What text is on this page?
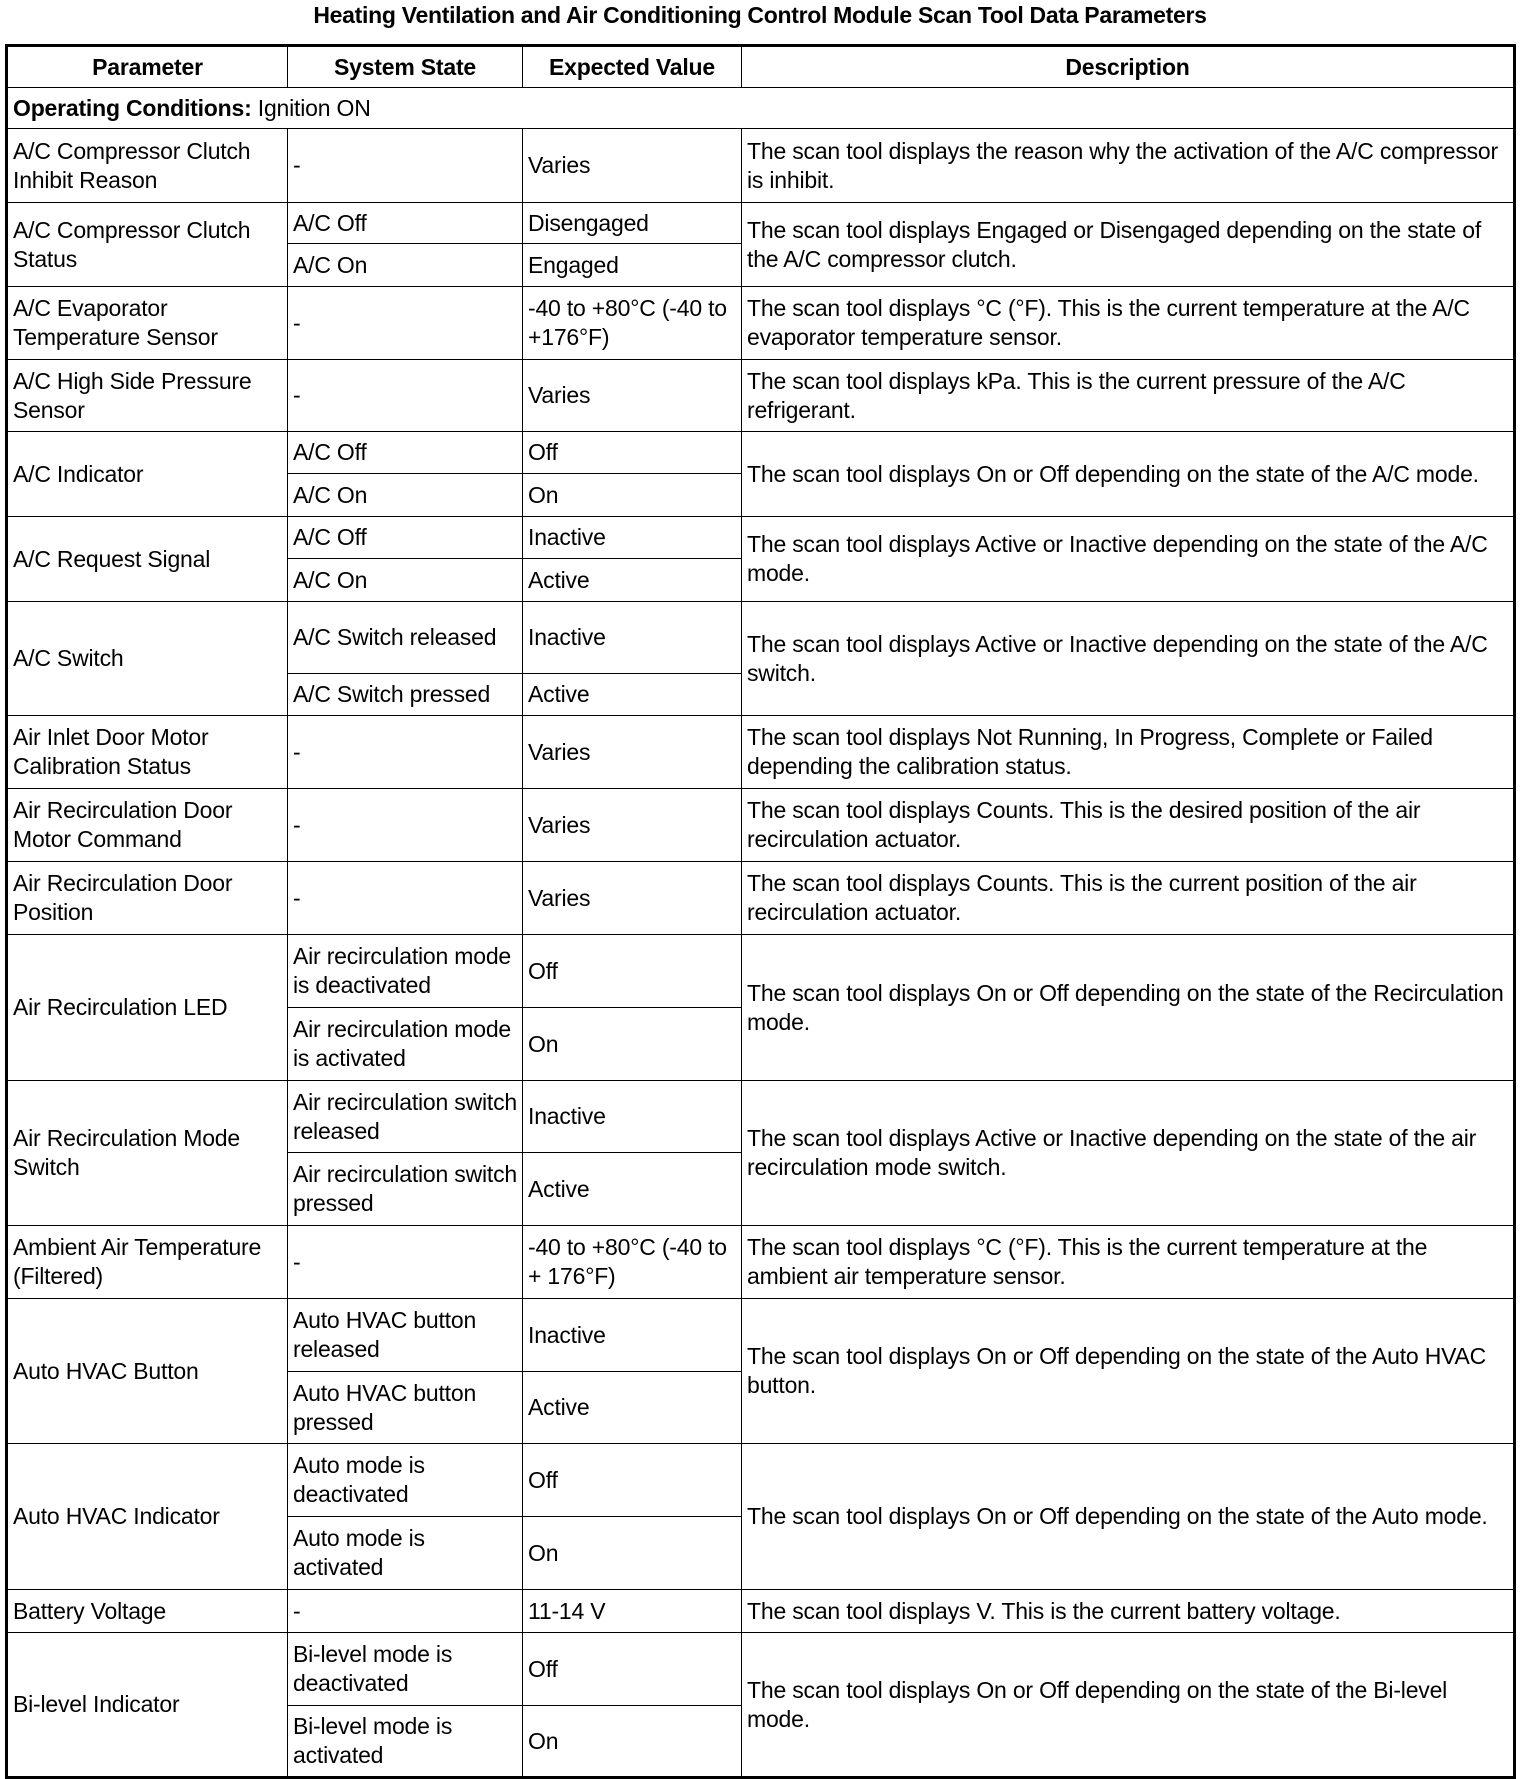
Heating Ventilation and Air Conditioning Control Module Scan Tool Data Parameters
Parameter	System State	Expected Value	Description
Operating Conditions: Ignition ON			
A/C Compressor Clutch Inhibit Reason	-	Varies	The scan tool displays the reason why the activation of the A/C compressor is inhibit.
A/C Compressor Clutch Status	A/C Off	Disengaged	The scan tool displays Engaged or Disengaged depending on the state of the A/C compressor clutch.
	A/C On	Engaged	
A/C Evaporator Temperature Sensor	-	-40 to +80°C (-40 to +176°F)	The scan tool displays °C (°F). This is the current temperature at the A/C evaporator temperature sensor.
A/C High Side Pressure Sensor	-	Varies	The scan tool displays kPa. This is the current pressure of the A/C refrigerant.
A/C Indicator	A/C Off	Off	The scan tool displays On or Off depending on the state of the A/C mode.
	A/C On	On	
A/C Request Signal	A/C Off	Inactive	The scan tool displays Active or Inactive depending on the state of the A/C mode.
	A/C On	Active	
A/C Switch	A/C Switch released	Inactive	The scan tool displays Active or Inactive depending on the state of the A/C switch.
	A/C Switch pressed	Active	
Air Inlet Door Motor Calibration Status	-	Varies	The scan tool displays Not Running, In Progress, Complete or Failed depending the calibration status.
Air Recirculation Door Motor Command	-	Varies	The scan tool displays Counts. This is the desired position of the air recirculation actuator.
Air Recirculation Door Position	-	Varies	The scan tool displays Counts. This is the current position of the air recirculation actuator.
Air Recirculation LED	Air recirculation mode is deactivated	Off	The scan tool displays On or Off depending on the state of the Recirculation mode.
	Air recirculation mode is activated	On	
Air Recirculation Mode Switch	Air recirculation switch released	Inactive	The scan tool displays Active or Inactive depending on the state of the air recirculation mode switch.
	Air recirculation switch pressed	Active	
Ambient Air Temperature (Filtered)	-	-40 to +80°C (-40 to + 176°F)	The scan tool displays °C (°F). This is the current temperature at the ambient air temperature sensor.
Auto HVAC Button	Auto HVAC button released	Inactive	The scan tool displays On or Off depending on the state of the Auto HVAC button.
	Auto HVAC button pressed	Active	
Auto HVAC Indicator	Auto mode is deactivated	Off	The scan tool displays On or Off depending on the state of the Auto mode.
	Auto mode is activated	On	
Battery Voltage	-	11-14 V	The scan tool displays V. This is the current battery voltage.
Bi-level Indicator	Bi-level mode is deactivated	Off	The scan tool displays On or Off depending on the state of the Bi-level mode.
	Bi-level mode is activated	On	
